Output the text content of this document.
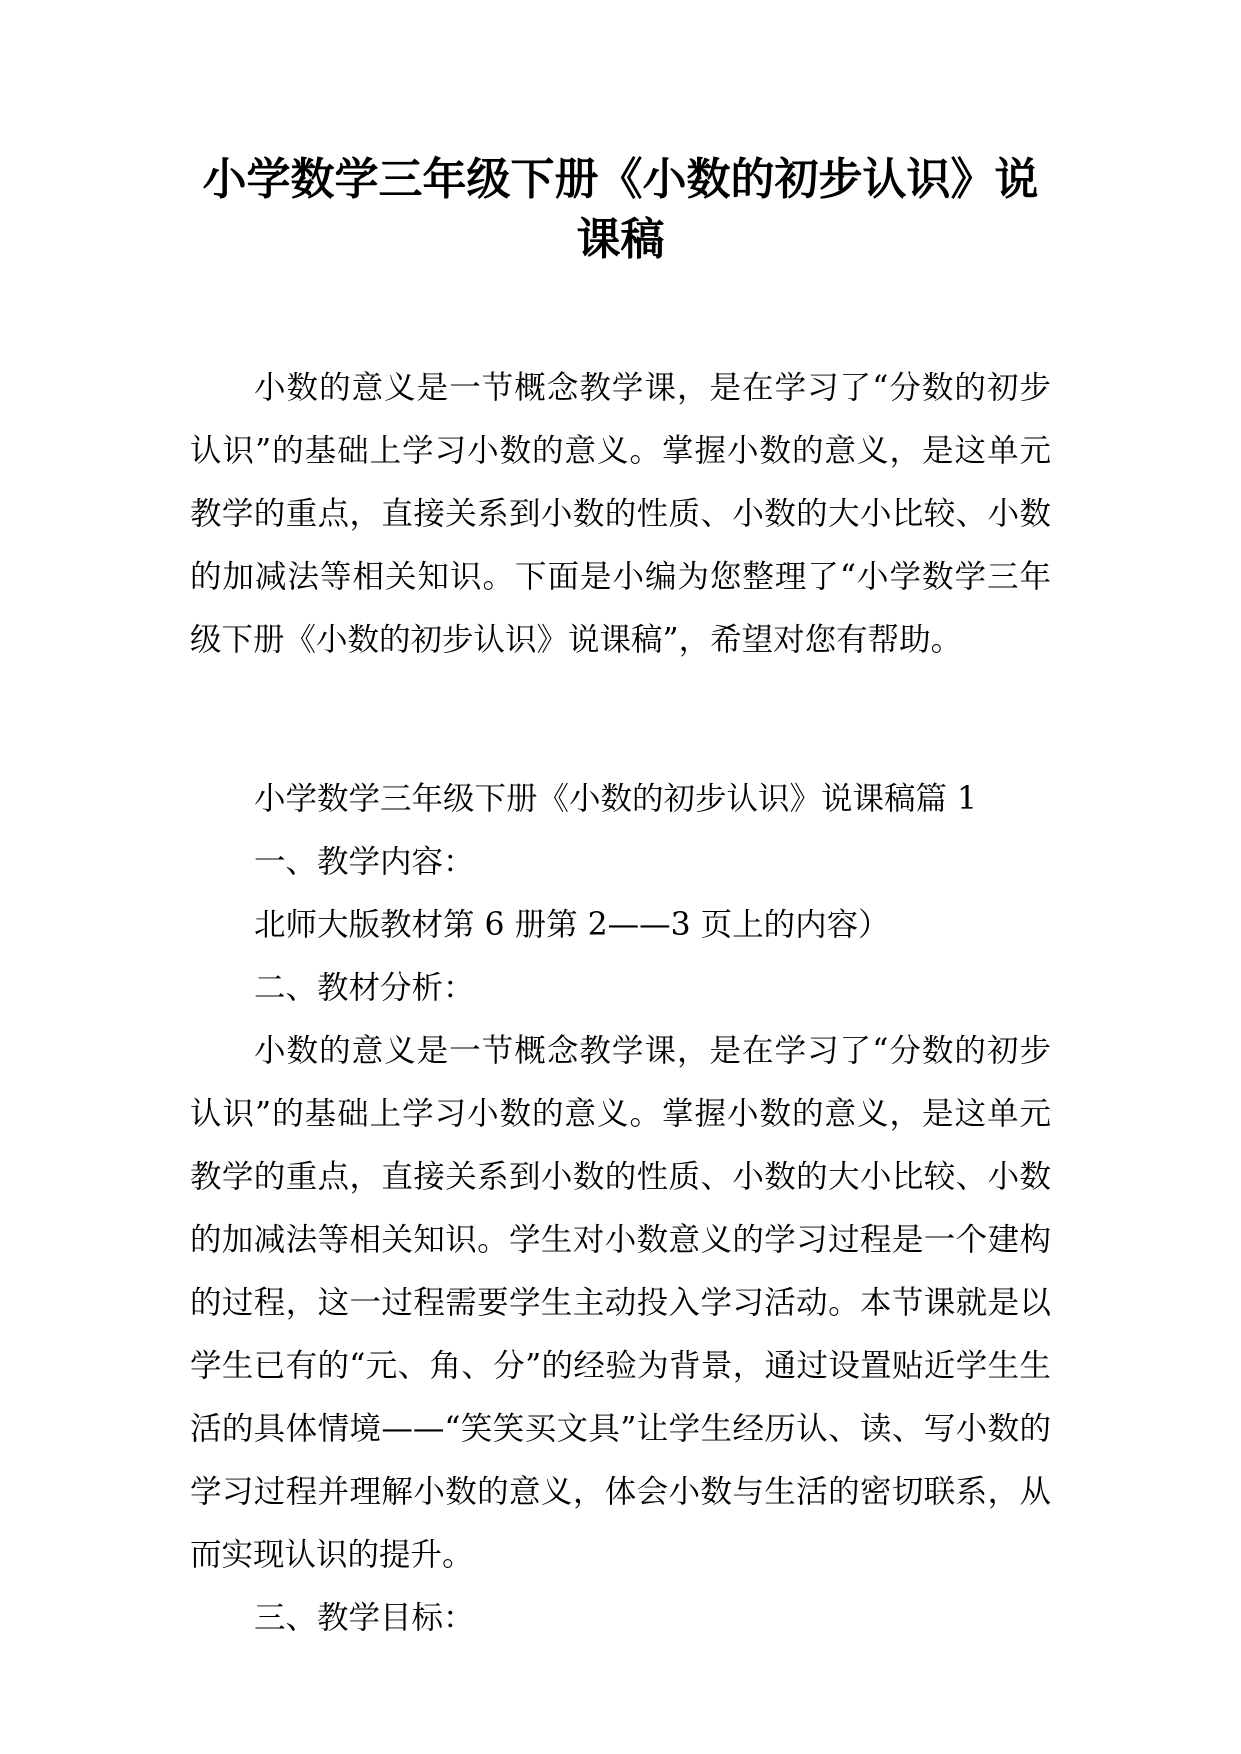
小学数学三年级下册《小数的初步认识》说
课稿

小数的意义是一节概念教学课，是在学习了“分数的初步认识”的基础上学习小数的意义。掌握小数的意义，是这单元教学的重点，直接关系到小数的性质、小数的大小比较、小数的加减法等相关知识。下面是小编为您整理了“小学数学三年级下册《小数的初步认识》说课稿”，希望对您有帮助。

小学数学三年级下册《小数的初步认识》说课稿篇 1

一、教学内容：

北师大版教材第 6 册第 2——3 页上的内容）

二、教材分析：

小数的意义是一节概念教学课，是在学习了“分数的初步认识”的基础上学习小数的意义。掌握小数的意义，是这单元教学的重点，直接关系到小数的性质、小数的大小比较、小数的加减法等相关知识。学生对小数意义的学习过程是一个建构的过程，这一过程需要学生主动投入学习活动。本节课就是以学生已有的“元、角、分”的经验为背景，通过设置贴近学生生活的具体情境——“笑笑买文具”让学生经历认、读、写小数的学习过程并理解小数的意义，体会小数与生活的密切联系，从而实现认识的提升。

三、教学目标：
